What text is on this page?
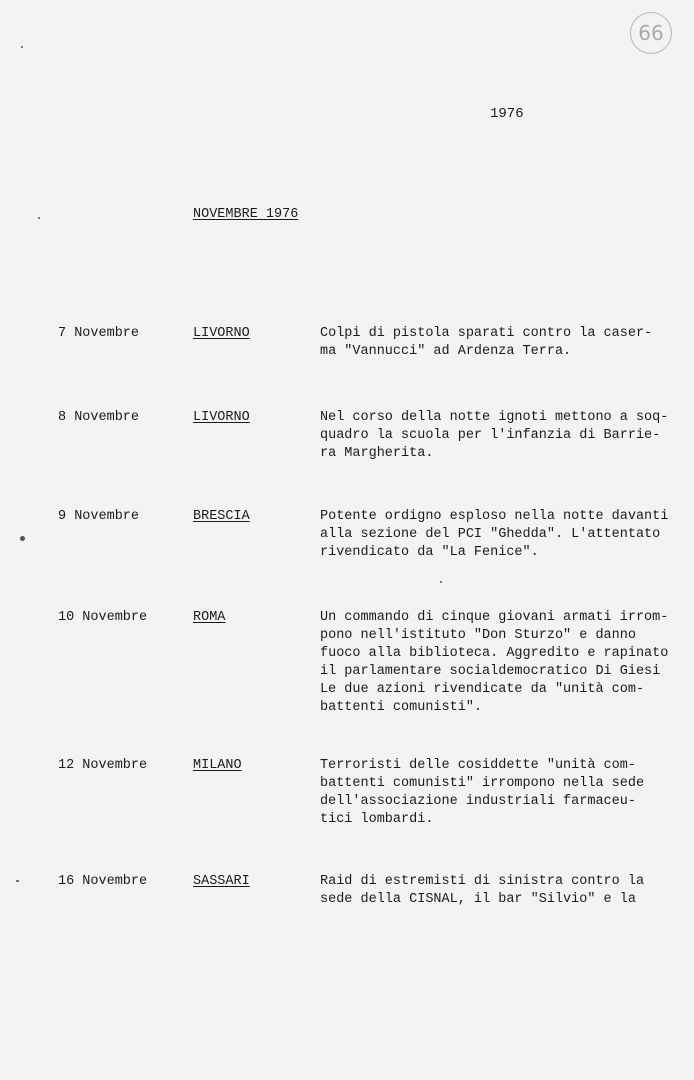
66
1976
NOVEMBRE 1976
7 Novembre	LIVORNO	Colpi di pistola sparati contro la caser-
ma "Vannucci" ad Ardenza Terra.
8 Novembre	LIVORNO	Nel corso della notte ignoti mettono a soq-
quadro la scuola per l'infanzia di Barrie-
ra Margherita.
9 Novembre	BRESCIA	Potente ordigno esploso nella notte davanti
alla sezione del PCI "Ghedda". L'attentato
rivendicato da "La Fenice".
10 Novembre	ROMA	Un commando di cinque giovani armati irrom-
pono nell'istituto "Don Sturzo" e danno
fuoco alla biblioteca. Aggredito e rapinato
il parlamentare socialdemocratico Di Giesi
Le due azioni rivendicate da "unità com-
battenti comunisti".
12 Novembre	MILANO	Terroristi delle cosiddette "unità com-
battenti comunisti" irrompono nella sede
dell'associazione industriali farmaceu-
tici lombardi.
16 Novembre	SASSARI	Raid di estremisti di sinistra contro la
sede della CISNAL, il bar "Silvio" e la
